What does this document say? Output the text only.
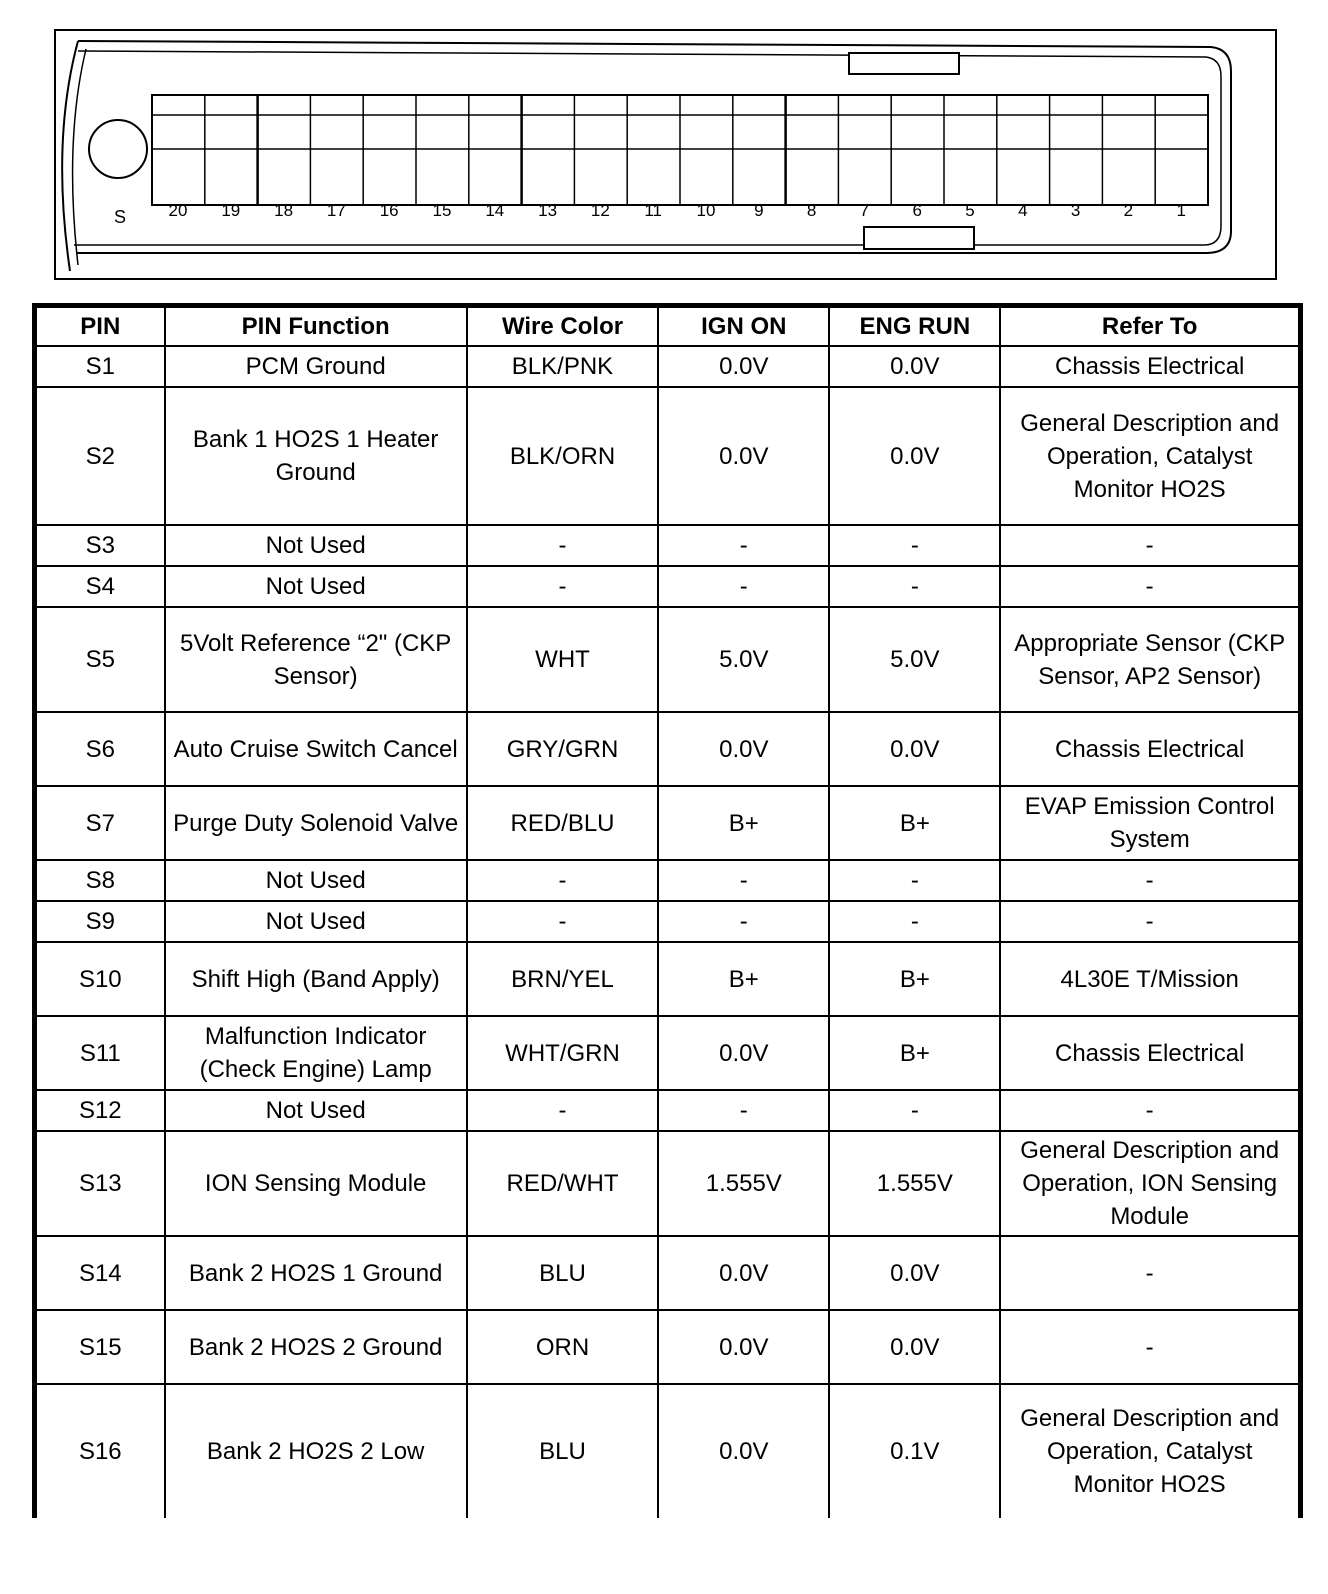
S	20	19	18	17	16	15	14	13	12	11	10	9	8	7	6	5	4	3	2	1
PIN	PIN Function	Wire Color	IGN ON	ENG RUN	Refer To
S1	PCM Ground	BLK/PNK	0.0V	0.0V	Chassis Electrical
S2	Bank 1 HO2S 1 Heater Ground	BLK/ORN	0.0V	0.0V	General Description and Operation, Catalyst Monitor HO2S
S3	Not Used	-	-	-	-
S4	Not Used	-	-	-	-
S5	5Volt Reference “2" (CKP Sensor)	WHT	5.0V	5.0V	Appropriate Sensor (CKP Sensor, AP2 Sensor)
S6	Auto Cruise Switch Cancel	GRY/GRN	0.0V	0.0V	Chassis Electrical
S7	Purge Duty Solenoid Valve	RED/BLU	B+	B+	EVAP Emission Control System
S8	Not Used	-	-	-	-
S9	Not Used	-	-	-	-
S10	Shift High (Band Apply)	BRN/YEL	B+	B+	4L30E T/Mission
S11	Malfunction Indicator (Check Engine) Lamp	WHT/GRN	0.0V	B+	Chassis Electrical
S12	Not Used	-	-	-	-
S13	ION Sensing Module	RED/WHT	1.555V	1.555V	General Description and Operation, ION Sensing Module
S14	Bank 2 HO2S 1 Ground	BLU	0.0V	0.0V	-
S15	Bank 2 HO2S 2 Ground	ORN	0.0V	0.0V	-
S16	Bank 2 HO2S 2 Low	BLU	0.0V	0.1V	General Description and Operation, Catalyst Monitor HO2S
